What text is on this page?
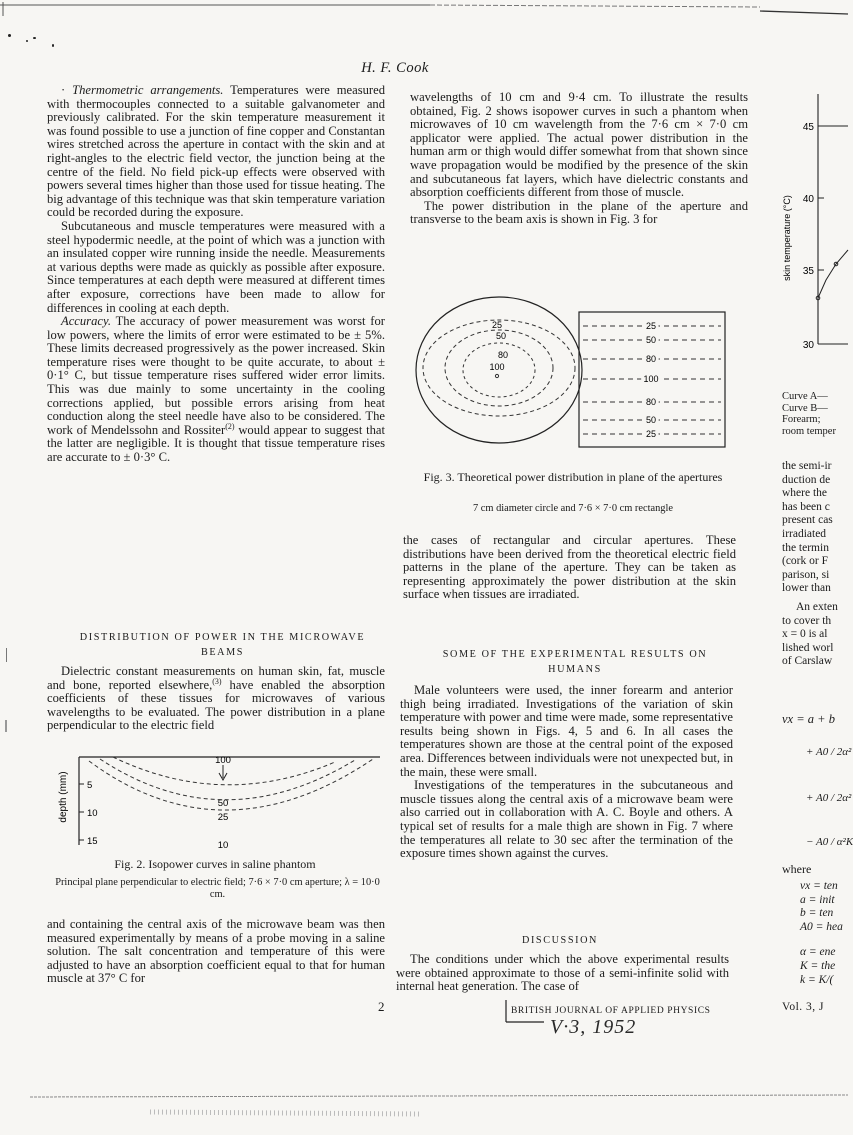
H. F. Cook

· Thermometric arrangements. Temperatures were measured with thermocouples connected to a suitable galvanometer and previously calibrated. For the skin temperature measurement it was found possible to use a junction of fine copper and Constantan wires stretched across the aperture in contact with the skin and at right-angles to the electric field vector, the junction being at the centre of the field. No field pick-up effects were observed with powers several times higher than those used for tissue heating. The big advantage of this technique was that skin temperature variation could be recorded during the exposure.

Subcutaneous and muscle temperatures were measured with a steel hypodermic needle, at the point of which was a junction with an insulated copper wire running inside the needle. Measurements at various depths were made as quickly as possible after exposure. Since temperatures at each depth were measured at different times after exposure, corrections have been made to allow for differences in cooling at each depth.

Accuracy. The accuracy of power measurement was worst for low powers, where the limits of error were estimated to be ± 5%. These limits decreased progressively as the power increased. Skin temperature rises were thought to be quite accurate, to about ± 0·1° C, but tissue temperature rises suffered wider error limits. This was due mainly to some uncertainty in the cooling corrections applied, but possible errors arising from heat conduction along the steel needle have also to be considered. The work of Mendelssohn and Rossiter$^{(2)}$ would appear to suggest that the latter are negligible. It is thought that tissue temperature rises are accurate to ± 0·3° C.

DISTRIBUTION OF POWER IN THE MICROWAVE BEAMS

Dielectric constant measurements on human skin, fat, muscle and bone, reported elsewhere,$^{(3)}$ have enabled the absorption coefficients of these tissues for microwaves of various wavelengths to be evaluated. The power distribution in a plane perpendicular to the electric field

depth (mm) 5
10
15
100
50
25
10
Fig. 2. Isopower curves in saline phantom
Principal plane perpendicular to electric field; 7·6 × 7·0 cm aperture; λ = 10·0 cm.

and containing the central axis of the microwave beam was then measured experimentally by means of a probe moving in a saline solution. The salt concentration and temperature of this were adjusted to have an absorption coefficient equal to that for human muscle at 37° C for

wavelengths of 10 cm and 9·4 cm. To illustrate the results obtained, Fig. 2 shows isopower curves in such a phantom when microwaves of 10 cm wavelength from the 7·6 cm × 7·0 cm applicator were applied. The actual power distribution in the human arm or thigh would differ somewhat from that shown since wave propagation would be modified by the presence of the skin and subcutaneous fat layers, which have dielectric constants and absorption coefficients different from those of muscle.

The power distribution in the plane of the aperture and transverse to the beam axis is shown in Fig. 3 for

25
50
80
100
25
50
80
100
80
50
25
Fig. 3. Theoretical power distribution in plane of the apertures
7 cm diameter circle and 7·6 × 7·0 cm rectangle

the cases of rectangular and circular apertures. These distributions have been derived from the theoretical electric field patterns in the plane of the aperture. They can be taken as representing approximately the power distribution at the skin surface when tissues are irradiated.

SOME OF THE EXPERIMENTAL RESULTS ON HUMANS

Male volunteers were used, the inner forearm and anterior thigh being irradiated. Investigations of the variation of skin temperature with power and time were made, some representative results being shown in Figs. 4, 5 and 6. In all cases the temperatures shown are those at the central point of the exposed area. Differences between individuals were not unexpected but, in the main, these were small.

Investigations of the temperatures in the subcutaneous and muscle tissues along the central axis of a microwave beam were also carried out in collaboration with A. C. Boyle and others. A typical set of results for a male thigh are shown in Fig. 7 where the temperatures all relate to 30 sec after the termination of the exposure times shown against the curves.

DISCUSSION

The conditions under which the above experimental results were obtained approximate to those of a semi-infinite solid with internal heat generation. The case of

2	BRITISH JOURNAL OF APPLIED PHYSICS
V·3, 1952
skin temperature (°C)
45
40
35
30
Curve A—
Curve B—
Forearm;
room temper
the semi-ir
duction de
where the
has been c
present cas
irradiated
the termin
(cork or F
parison, si
lower than
An exten
to cover th
x = 0 is al
lished worl
of Carslaw
vx = a + b
+ A0 / 2α²
+ A0 / 2α²
− A0 / α²K
where
vx = ten
a = init
b = ten
A0 = hea
α = ene
K = the
k = K/(
Vol. 3, J
